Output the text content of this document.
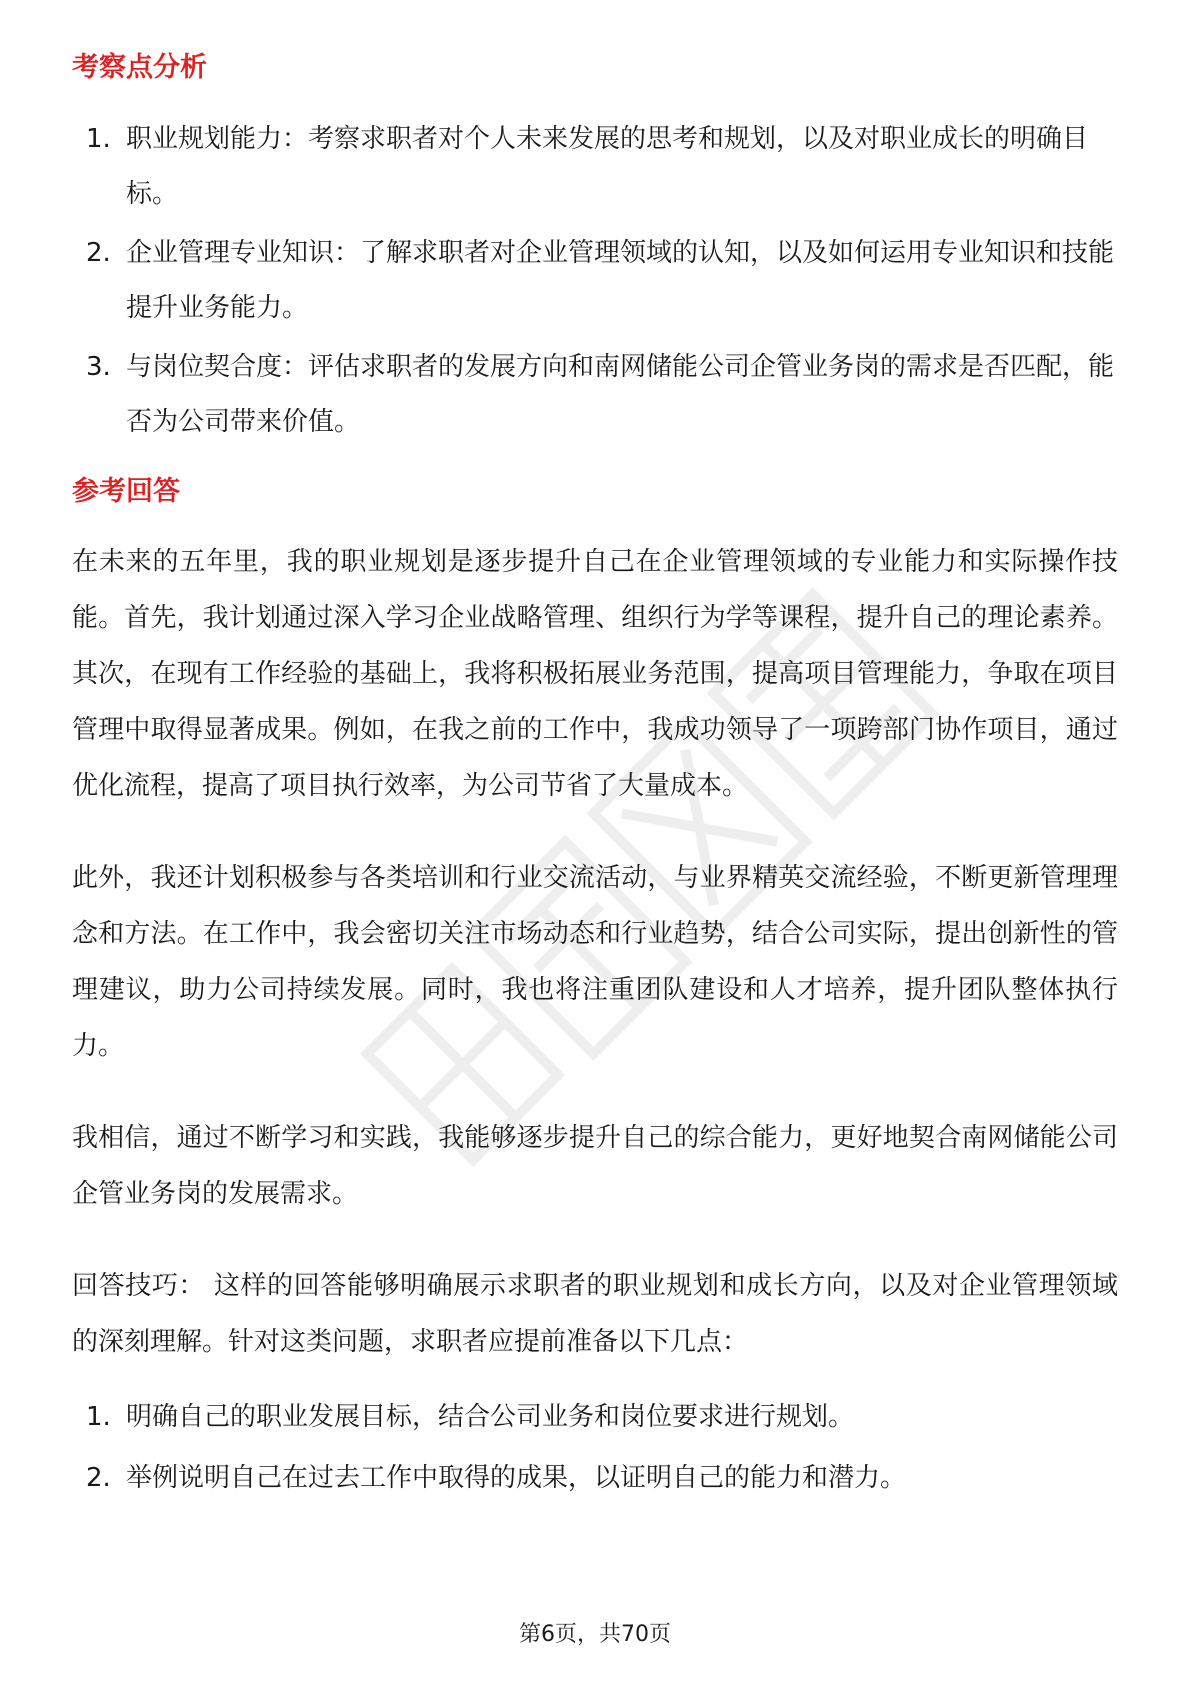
考察点分析
1. 职业规划能力：考察求职者对个人未来发展的思考和规划，以及对职业成长的明确目标。
2. 企业管理专业知识：了解求职者对企业管理领域的认知，以及如何运用专业知识和技能提升业务能力。
3. 与岗位契合度：评估求职者的发展方向和南网储能公司企管业务岗的需求是否匹配，能否为公司带来价值。
参考回答

在未来的五年里，我的职业规划是逐步提升自己在企业管理领域的专业能力和实际操作技能。首先，我计划通过深入学习企业战略管理、组织行为学等课程，提升自己的理论素养。其次，在现有工作经验的基础上，我将积极拓展业务范围，提高项目管理能力，争取在项目管理中取得显著成果。例如，在我之前的工作中，我成功领导了一项跨部门协作项目，通过优化流程，提高了项目执行效率，为公司节省了大量成本。

此外，我还计划积极参与各类培训和行业交流活动，与业界精英交流经验，不断更新管理理念和方法。在工作中，我会密切关注市场动态和行业趋势，结合公司实际，提出创新性的管理建议，助力公司持续发展。同时，我也将注重团队建设和人才培养，提升团队整体执行力。

我相信，通过不断学习和实践，我能够逐步提升自己的综合能力，更好地契合南网储能公司企管业务岗的发展需求。

回答技巧： 这样的回答能够明确展示求职者的职业规划和成长方向，以及对企业管理领域的深刻理解。针对这类问题，求职者应提前准备以下几点：

1. 明确自己的职业发展目标，结合公司业务和岗位要求进行规划。
2. 举例说明自己在过去工作中取得的成果，以证明自己的能力和潜力。
第6页，共70页
